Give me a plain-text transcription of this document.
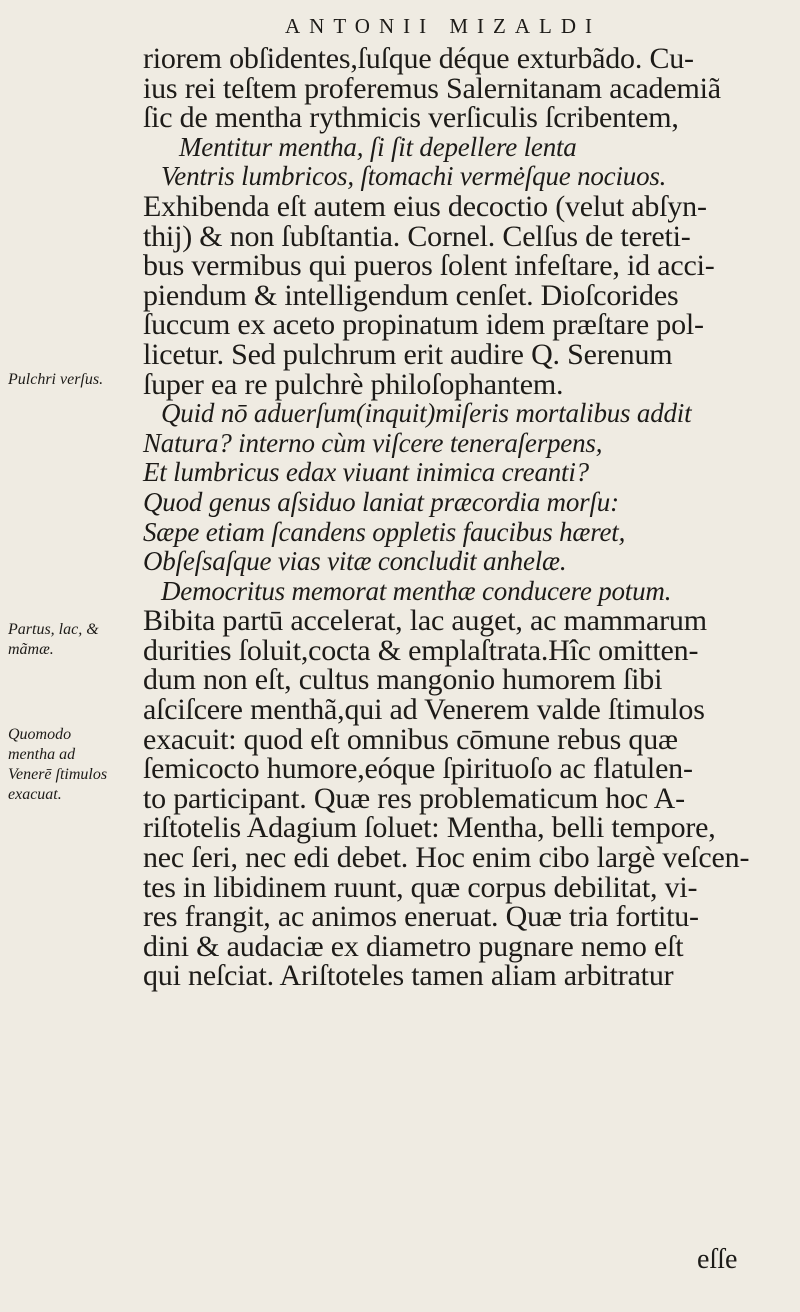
ANTONII MIZALDI
riorem obſidentes,ſuſque déque exturbãdo. Cu-
ius rei teſtem proferemus Salernitanam academiã
ſic de mentha rythmicis verſiculis ſcribentem,
Mentitur mentha, ſi ſit depellere lenta
Ventris lumbricos, ſtomachi vermėſque nociuos.
Exhibenda eſt autem eius decoctio (velut abſyn-
thij) & non ſubſtantia. Cornel. Celſus de tereti-
bus vermibus qui pueros ſolent infeſtare, id acci-
piendum & intelligendum cenſet. Dioſcorides
ſuccum ex aceto propinatum idem præſtare pol-
licetur. Sed pulchrum erit audire Q. Serenum
ſuper ea re pulchrè philoſophantem.
Quid nō aduerſum(inquit)miſeris mortalibus addit
Natura? interno cùm viſcere teneraſerpens,
Et lumbricus edax viuant inimica creanti?
Quod genus aſsiduo laniat præcordia morſu:
Sæpe etiam ſcandens oppletis faucibus hæret,
Obſeſsaſque vias vitæ concludit anhelæ.
Democritus memorat menthæ conducere potum.
Bibita partū accelerat, lac auget, ac mammarum
durities ſoluit,cocta & emplaſtrata.Hîc omitten-
dum non eſt, cultus mangonio humorem ſibi
aſciſcere menthã,qui ad Venerem valde ſtimulos
exacuit: quod eſt omnibus cōmune rebus quæ
ſemicocto humore,eóque ſpirituoſo ac flatulen-
to participant. Quæ res problematicum hoc A-
riſtotelis Adagium ſoluet: Mentha, belli tempore,
nec ſeri, nec edi debet. Hoc enim cibo largè veſcen-
tes in libidinem ruunt, quæ corpus debilitat, vi-
res frangit, ac animos eneruat. Quæ tria fortitu-
dini & audaciæ ex diametro pugnare nemo eſt
qui neſciat. Ariſtoteles tamen aliam arbitratur
Pulchri verſus.
Partus, lac, & mãmæ.
Quomodo mentha ad Venerē ſtimulos exacuat.
eſſe
